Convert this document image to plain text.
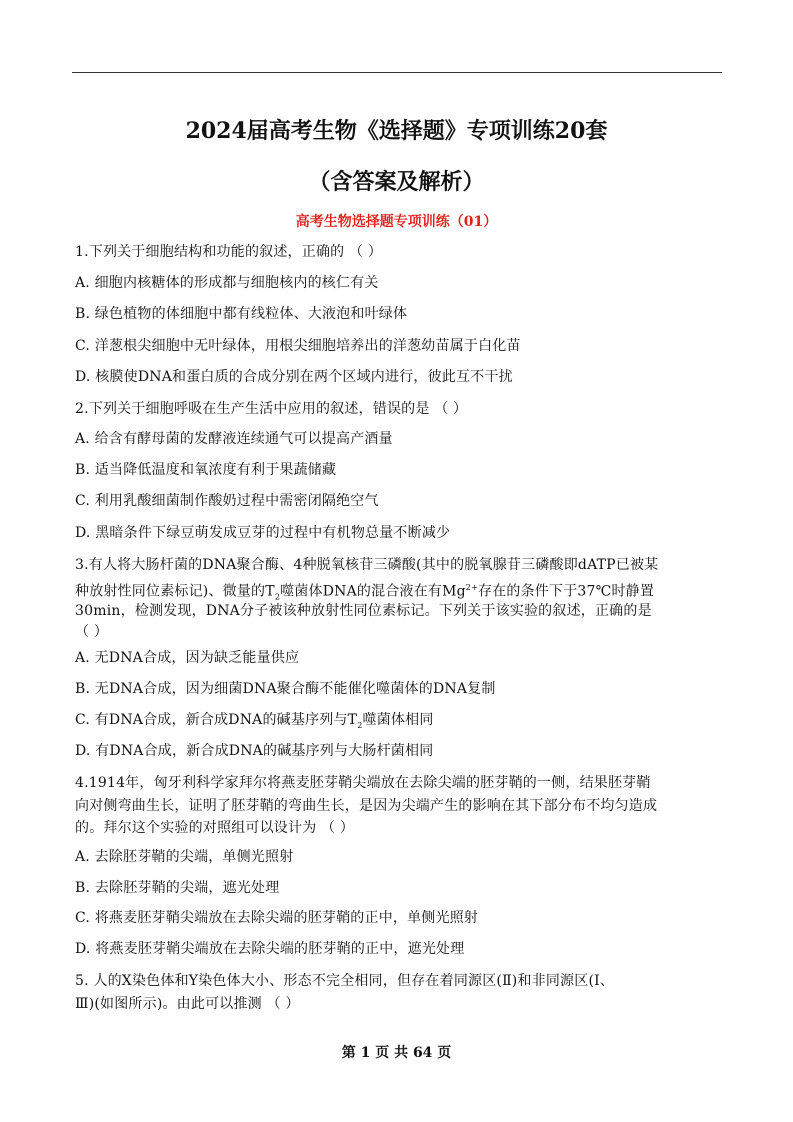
2024届高考生物《选择题》专项训练20套
（含答案及解析）
高考生物选择题专项训练（01）
1.下列关于细胞结构和功能的叙述，正确的 （ ）
A. 细胞内核糖体的形成都与细胞核内的核仁有关
B. 绿色植物的体细胞中都有线粒体、大液泡和叶绿体
C. 洋葱根尖细胞中无叶绿体，用根尖细胞培养出的洋葱幼苗属于白化苗
D. 核膜使DNA和蛋白质的合成分别在两个区域内进行，彼此互不干扰
2.下列关于细胞呼吸在生产生活中应用的叙述，错误的是 （ ）
A. 给含有酵母菌的发酵液连续通气可以提高产酒量
B. 适当降低温度和氧浓度有利于果蔬储藏
C. 利用乳酸细菌制作酸奶过程中需密闭隔绝空气
D. 黑暗条件下绿豆萌发成豆芽的过程中有机物总量不断减少
3.有人将大肠杆菌的DNA聚合酶、4种脱氧核苷三磷酸(其中的脱氧腺苷三磷酸即dATP已被某
种放射性同位素标记)、微量的$T_2$噬菌体DNA的混合液在有$Mg^{2+}$存在的条件下于37℃时静置
30min，检测发现，DNA分子被该种放射性同位素标记。下列关于该实验的叙述，正确的是
（ ）
A. 无DNA合成，因为缺乏能量供应
B. 无DNA合成，因为细菌DNA聚合酶不能催化噬菌体的DNA复制
C. 有DNA合成，新合成DNA的碱基序列与$T_2$噬菌体相同
D. 有DNA合成，新合成DNA的碱基序列与大肠杆菌相同
4.1914年，匈牙利科学家拜尔将燕麦胚芽鞘尖端放在去除尖端的胚芽鞘的一侧，结果胚芽鞘
向对侧弯曲生长，证明了胚芽鞘的弯曲生长，是因为尖端产生的影响在其下部分布不均匀造成
的。拜尔这个实验的对照组可以设计为 （ ）
A. 去除胚芽鞘的尖端，单侧光照射
B. 去除胚芽鞘的尖端，遮光处理
C. 将燕麦胚芽鞘尖端放在去除尖端的胚芽鞘的正中，单侧光照射
D. 将燕麦胚芽鞘尖端放在去除尖端的胚芽鞘的正中，遮光处理
5. 人的X染色体和Y染色体大小、形态不完全相同，但存在着同源区(Ⅱ)和非同源区(Ⅰ、
Ⅲ)(如图所示)。由此可以推测 （ ）
第 1 页 共 64 页
